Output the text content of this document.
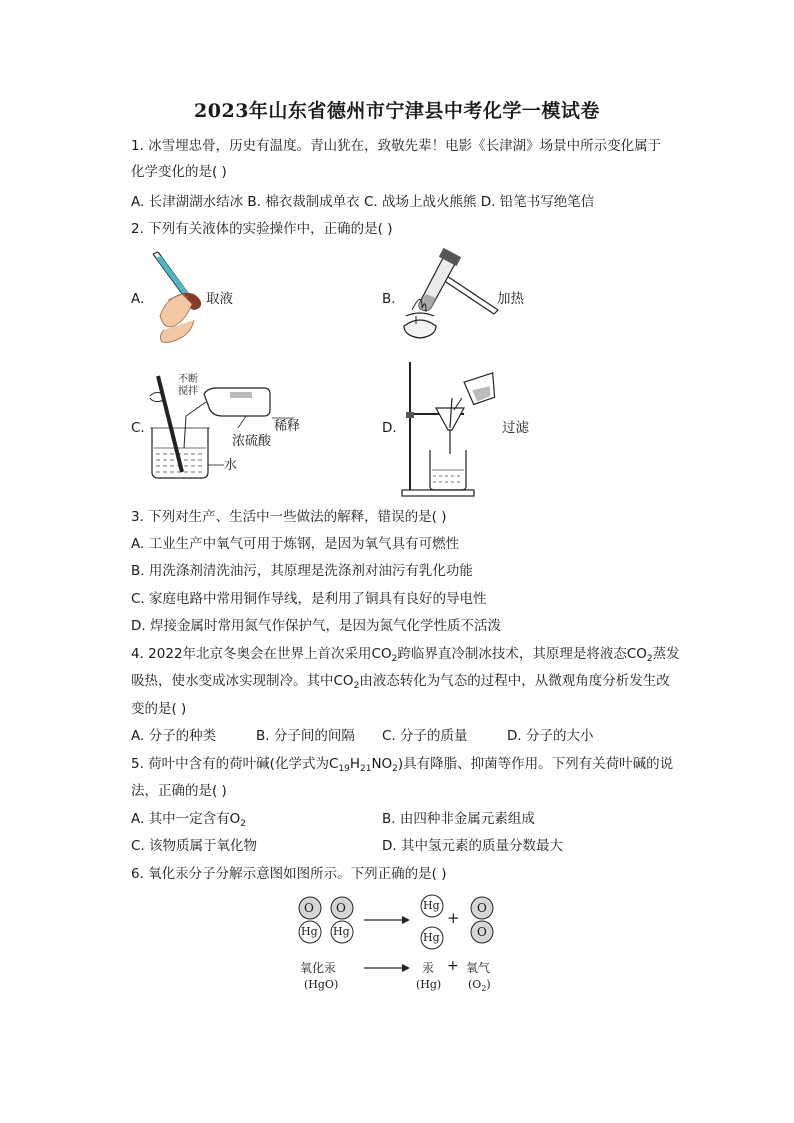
2023年山东省德州市宁津县中考化学一模试卷
1. 冰雪埋忠骨，历史有温度。青山犹在，致敬先辈！电影《长津湖》场景中所示变化属于
化学变化的是( )
A. 长津湖湖水结冰 B. 棉衣裁制成单衣 C. 战场上战火熊熊 D. 铅笔书写绝笔信
2. 下列有关液体的实验操作中，正确的是( )
A.	取液	B.	加热
C.
不断
搅拌
稀释
浓硫酸
水
D.	过滤
3. 下列对生产、生活中一些做法的解释，错误的是( )
A. 工业生产中氧气可用于炼钢，是因为氧气具有可燃性
B. 用洗涤剂清洗油污，其原理是洗涤剂对油污有乳化功能
C. 家庭电路中常用铜作导线，是利用了铜具有良好的导电性
D. 焊接金属时常用氮气作保护气，是因为氮气化学性质不活泼
4. 2022年北京冬奥会在世界上首次采用$CO_2$跨临界直冷制冰技术，其原理是将液态$CO_2$蒸发
吸热，使水变成冰实现制冷。其中$CO_2$由液态转化为气态的过程中，从微观角度分析发生改
变的是( )
A. 分子的种类	B. 分子间的间隔 C. 分子的质量	D. 分子的大小
5. 荷叶中含有的荷叶碱(化学式为$C_{19}H_{21}NO_2$)具有降脂、抑菌等作用。下列有关荷叶碱的说
法，正确的是( )
A. 其中一定含有$O_2$	B. 由四种非金属元素组成
C. 该物质属于氧化物	D. 其中氢元素的质量分数最大
6. 氧化汞分子分解示意图如图所示。下列正确的是( )
O
Hg
O
Hg
Hg
Hg
+
O
O
氧化汞	汞 + 氧气
(HgO)	(Hg) $(O_2)$
